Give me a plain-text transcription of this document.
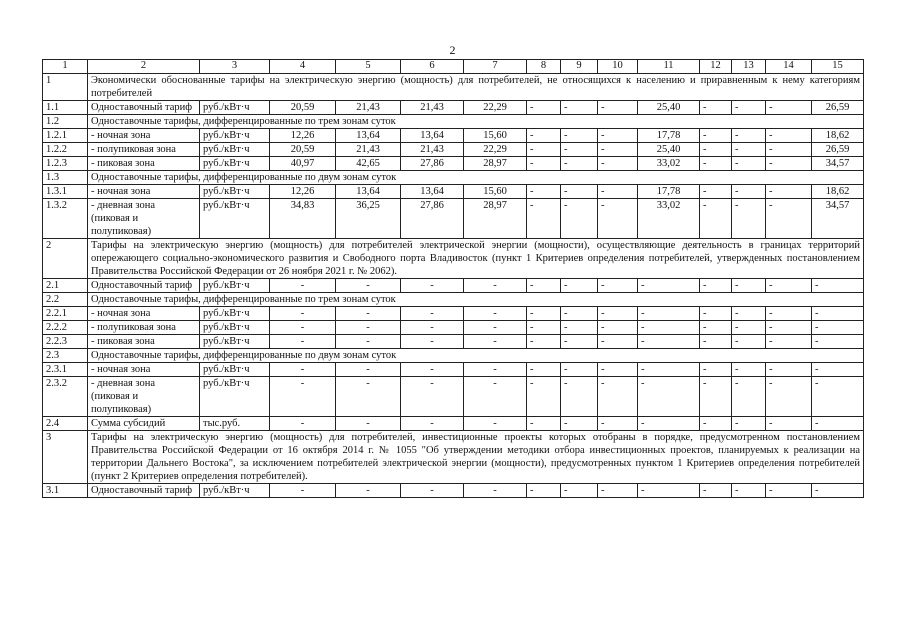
2
1	2	3	4	5	6	7	8	9	10	11	12	13	14	15
1	Экономически обоснованные тарифы на электрическую энергию (мощность) для потребителей, не относящихся к населению и приравненным к нему категориям потребителей													
1.1	Одноставочный тариф	руб./кВт·ч	20,59	21,43	21,43	22,29	-	-	-	25,40	-	-	-	26,59
1.2	Одноставочные тарифы, дифференцированные по трем зонам суток													
1.2.1	- ночная зона	руб./кВт·ч	12,26	13,64	13,64	15,60	-	-	-	17,78	-	-	-	18,62
1.2.2	- полупиковая зона	руб./кВт·ч	20,59	21,43	21,43	22,29	-	-	-	25,40	-	-	-	26,59
1.2.3	- пиковая зона	руб./кВт·ч	40,97	42,65	27,86	28,97	-	-	-	33,02	-	-	-	34,57
1.3	Одноставочные тарифы, дифференцированные по двум зонам суток													
1.3.1	- ночная зона	руб./кВт·ч	12,26	13,64	13,64	15,60	-	-	-	17,78	-	-	-	18,62
1.3.2	- дневная зона (пиковая и полупиковая)	руб./кВт·ч	34,83	36,25	27,86	28,97	-	-	-	33,02	-	-	-	34,57
2	Тарифы на электрическую энергию (мощность) для потребителей электрической энергии (мощности), осуществляющие деятельность в границах территорий опережающего социально-экономического развития и Свободного порта Владивосток (пункт 1 Критериев определения потребителей, утвержденных постановлением Правительства Российской Федерации от 26 ноября 2021 г. № 2062).													
2.1	Одноставочный тариф	руб./кВт·ч	-	-	-	-	-	-	-	-	-	-	-	-
2.2	Одноставочные тарифы, дифференцированные по трем зонам суток													
2.2.1	- ночная зона	руб./кВт·ч	-	-	-	-	-	-	-	-	-	-	-	-
2.2.2	- полупиковая зона	руб./кВт·ч	-	-	-	-	-	-	-	-	-	-	-	-
2.2.3	- пиковая зона	руб./кВт·ч	-	-	-	-	-	-	-	-	-	-	-	-
2.3	Одноставочные тарифы, дифференцированные по двум зонам суток													
2.3.1	- ночная зона	руб./кВт·ч	-	-	-	-	-	-	-	-	-	-	-	-
2.3.2	- дневная зона (пиковая и полупиковая)	руб./кВт·ч	-	-	-	-	-	-	-	-	-	-	-	-
2.4	Сумма субсидий	тыс.руб.	-	-	-	-	-	-	-	-	-	-	-	-
3	Тарифы на электрическую энергию (мощность) для потребителей, инвестиционные проекты которых отобраны в порядке, предусмотренном постановлением Правительства Российской Федерации от 16 октября 2014 г. № 1055 "Об утверждении методики отбора инвестиционных проектов, планируемых к реализации на территории Дальнего Востока", за исключением потребителей электрической энергии (мощности), предусмотренных пунктом 1 Критериев определения потребителей (пункт 2 Критериев определения потребителей).													
3.1	Одноставочный тариф	руб./кВт·ч	-	-	-	-	-	-	-	-	-	-	-	-
